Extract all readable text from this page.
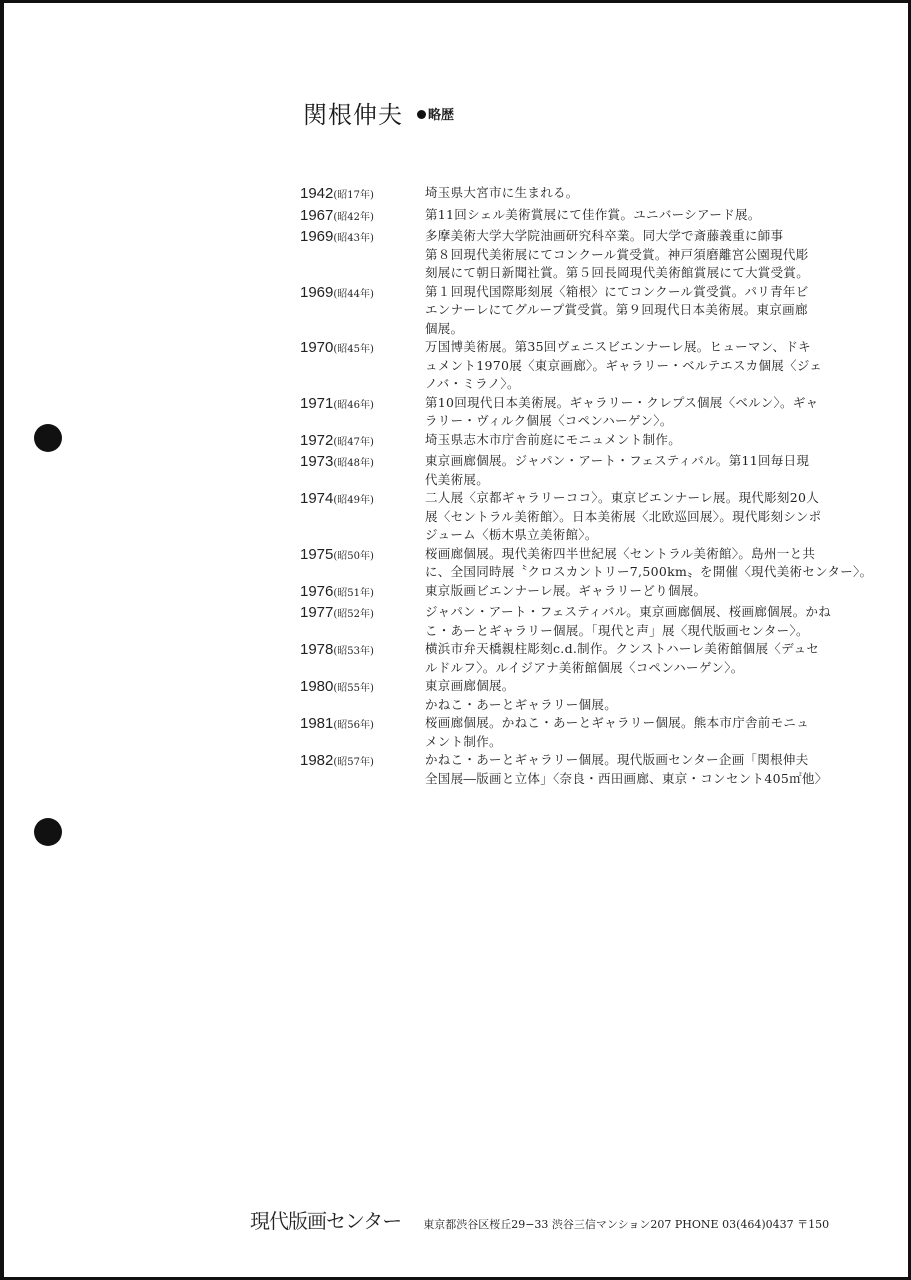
関根伸夫	略歴
1942(昭17年)	埼玉県大宮市に生まれる。
1967(昭42年)	第11回シェル美術賞展にて佳作賞。ユニバーシアード展。
1969(昭43年)	多摩美術大学大学院油画研究科卒業。同大学で斎藤義重に師事
第８回現代美術展にてコンクール賞受賞。神戸須磨離宮公園現代彫
刻展にて朝日新聞社賞。第５回長岡現代美術館賞展にて大賞受賞。
1969(昭44年)	第１回現代国際彫刻展〈箱根〉にてコンクール賞受賞。パリ青年ビ
エンナーレにてグループ賞受賞。第９回現代日本美術展。東京画廊
個展。
1970(昭45年)	万国博美術展。第35回ヴェニスビエンナーレ展。ヒューマン、ドキ
ュメント1970展〈東京画廊〉。ギャラリー・ベルテエスカ個展〈ジェ
ノバ・ミラノ〉。
1971(昭46年)	第10回現代日本美術展。ギャラリー・クレプス個展〈ベルン〉。ギャ
ラリー・ヴィルク個展〈コペンハーゲン〉。
1972(昭47年)	埼玉県志木市庁舎前庭にモニュメント制作。
1973(昭48年)	東京画廊個展。ジャパン・アート・フェスティバル。第11回毎日現
代美術展。
1974(昭49年)	二人展〈京都ギャラリーココ〉。東京ビエンナーレ展。現代彫刻20人
展〈セントラル美術館〉。日本美術展〈北欧巡回展〉。現代彫刻シンポ
ジューム〈栃木県立美術館〉。
1975(昭50年)	桜画廊個展。現代美術四半世紀展〈セントラル美術館〉。島州一と共
に、全国同時展〝クロスカントリー7,500km〟を開催〈現代美術センター〉。
1976(昭51年)	東京版画ビエンナーレ展。ギャラリーどり個展。
1977(昭52年)	ジャパン・アート・フェスティバル。東京画廊個展、桜画廊個展。かね
こ・あーとギャラリー個展。「現代と声」展〈現代版画センター〉。
1978(昭53年)	横浜市弁天橋親柱彫刻c.d.制作。クンストハーレ美術館個展〈デュセ
ルドルフ〉。ルイジアナ美術館個展〈コペンハーゲン〉。
1980(昭55年)	東京画廊個展。
かねこ・あーとギャラリー個展。
1981(昭56年)	桜画廊個展。かねこ・あーとギャラリー個展。熊本市庁舎前モニュ
メント制作。
1982(昭57年)	かねこ・あーとギャラリー個展。現代版画センター企画「関根伸夫
全国展―版画と立体」〈奈良・西田画廊、東京・コンセント405㎡他〉
現代版画センター 東京都渋谷区桜丘29−33 渋谷三信マンション207 PHONE 03(464)0437 〒150
